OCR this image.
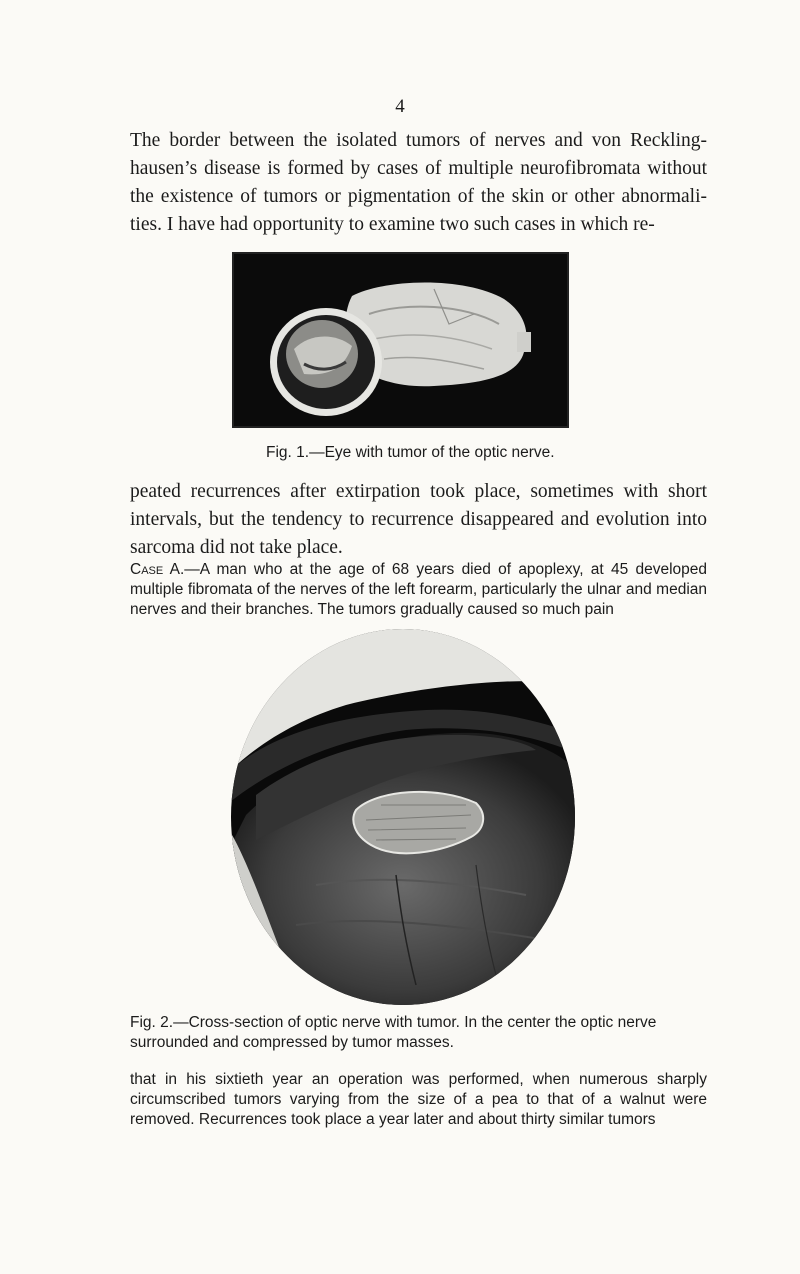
4

The border between the isolated tumors of nerves and von Reckling-hausen’s disease is formed by cases of multiple neurofibromata without the existence of tumors or pigmentation of the skin or other abnormali-ties. I have had opportunity to examine two such cases in which re-

Fig. 1.—Eye with tumor of the optic nerve.

peated recurrences after extirpation took place, sometimes with short intervals, but the tendency to recurrence disappeared and evolution into sarcoma did not take place.

Case A.—A man who at the age of 68 years died of apoplexy, at 45 developed multiple fibromata of the nerves of the left forearm, particularly the ulnar and median nerves and their branches. The tumors gradually caused so much pain

Fig. 2.—Cross-section of optic nerve with tumor. In the center the optic nerve surrounded and compressed by tumor masses.

that in his sixtieth year an operation was performed, when numerous sharply circumscribed tumors varying from the size of a pea to that of a walnut were removed. Recurrences took place a year later and about thirty similar tumors
